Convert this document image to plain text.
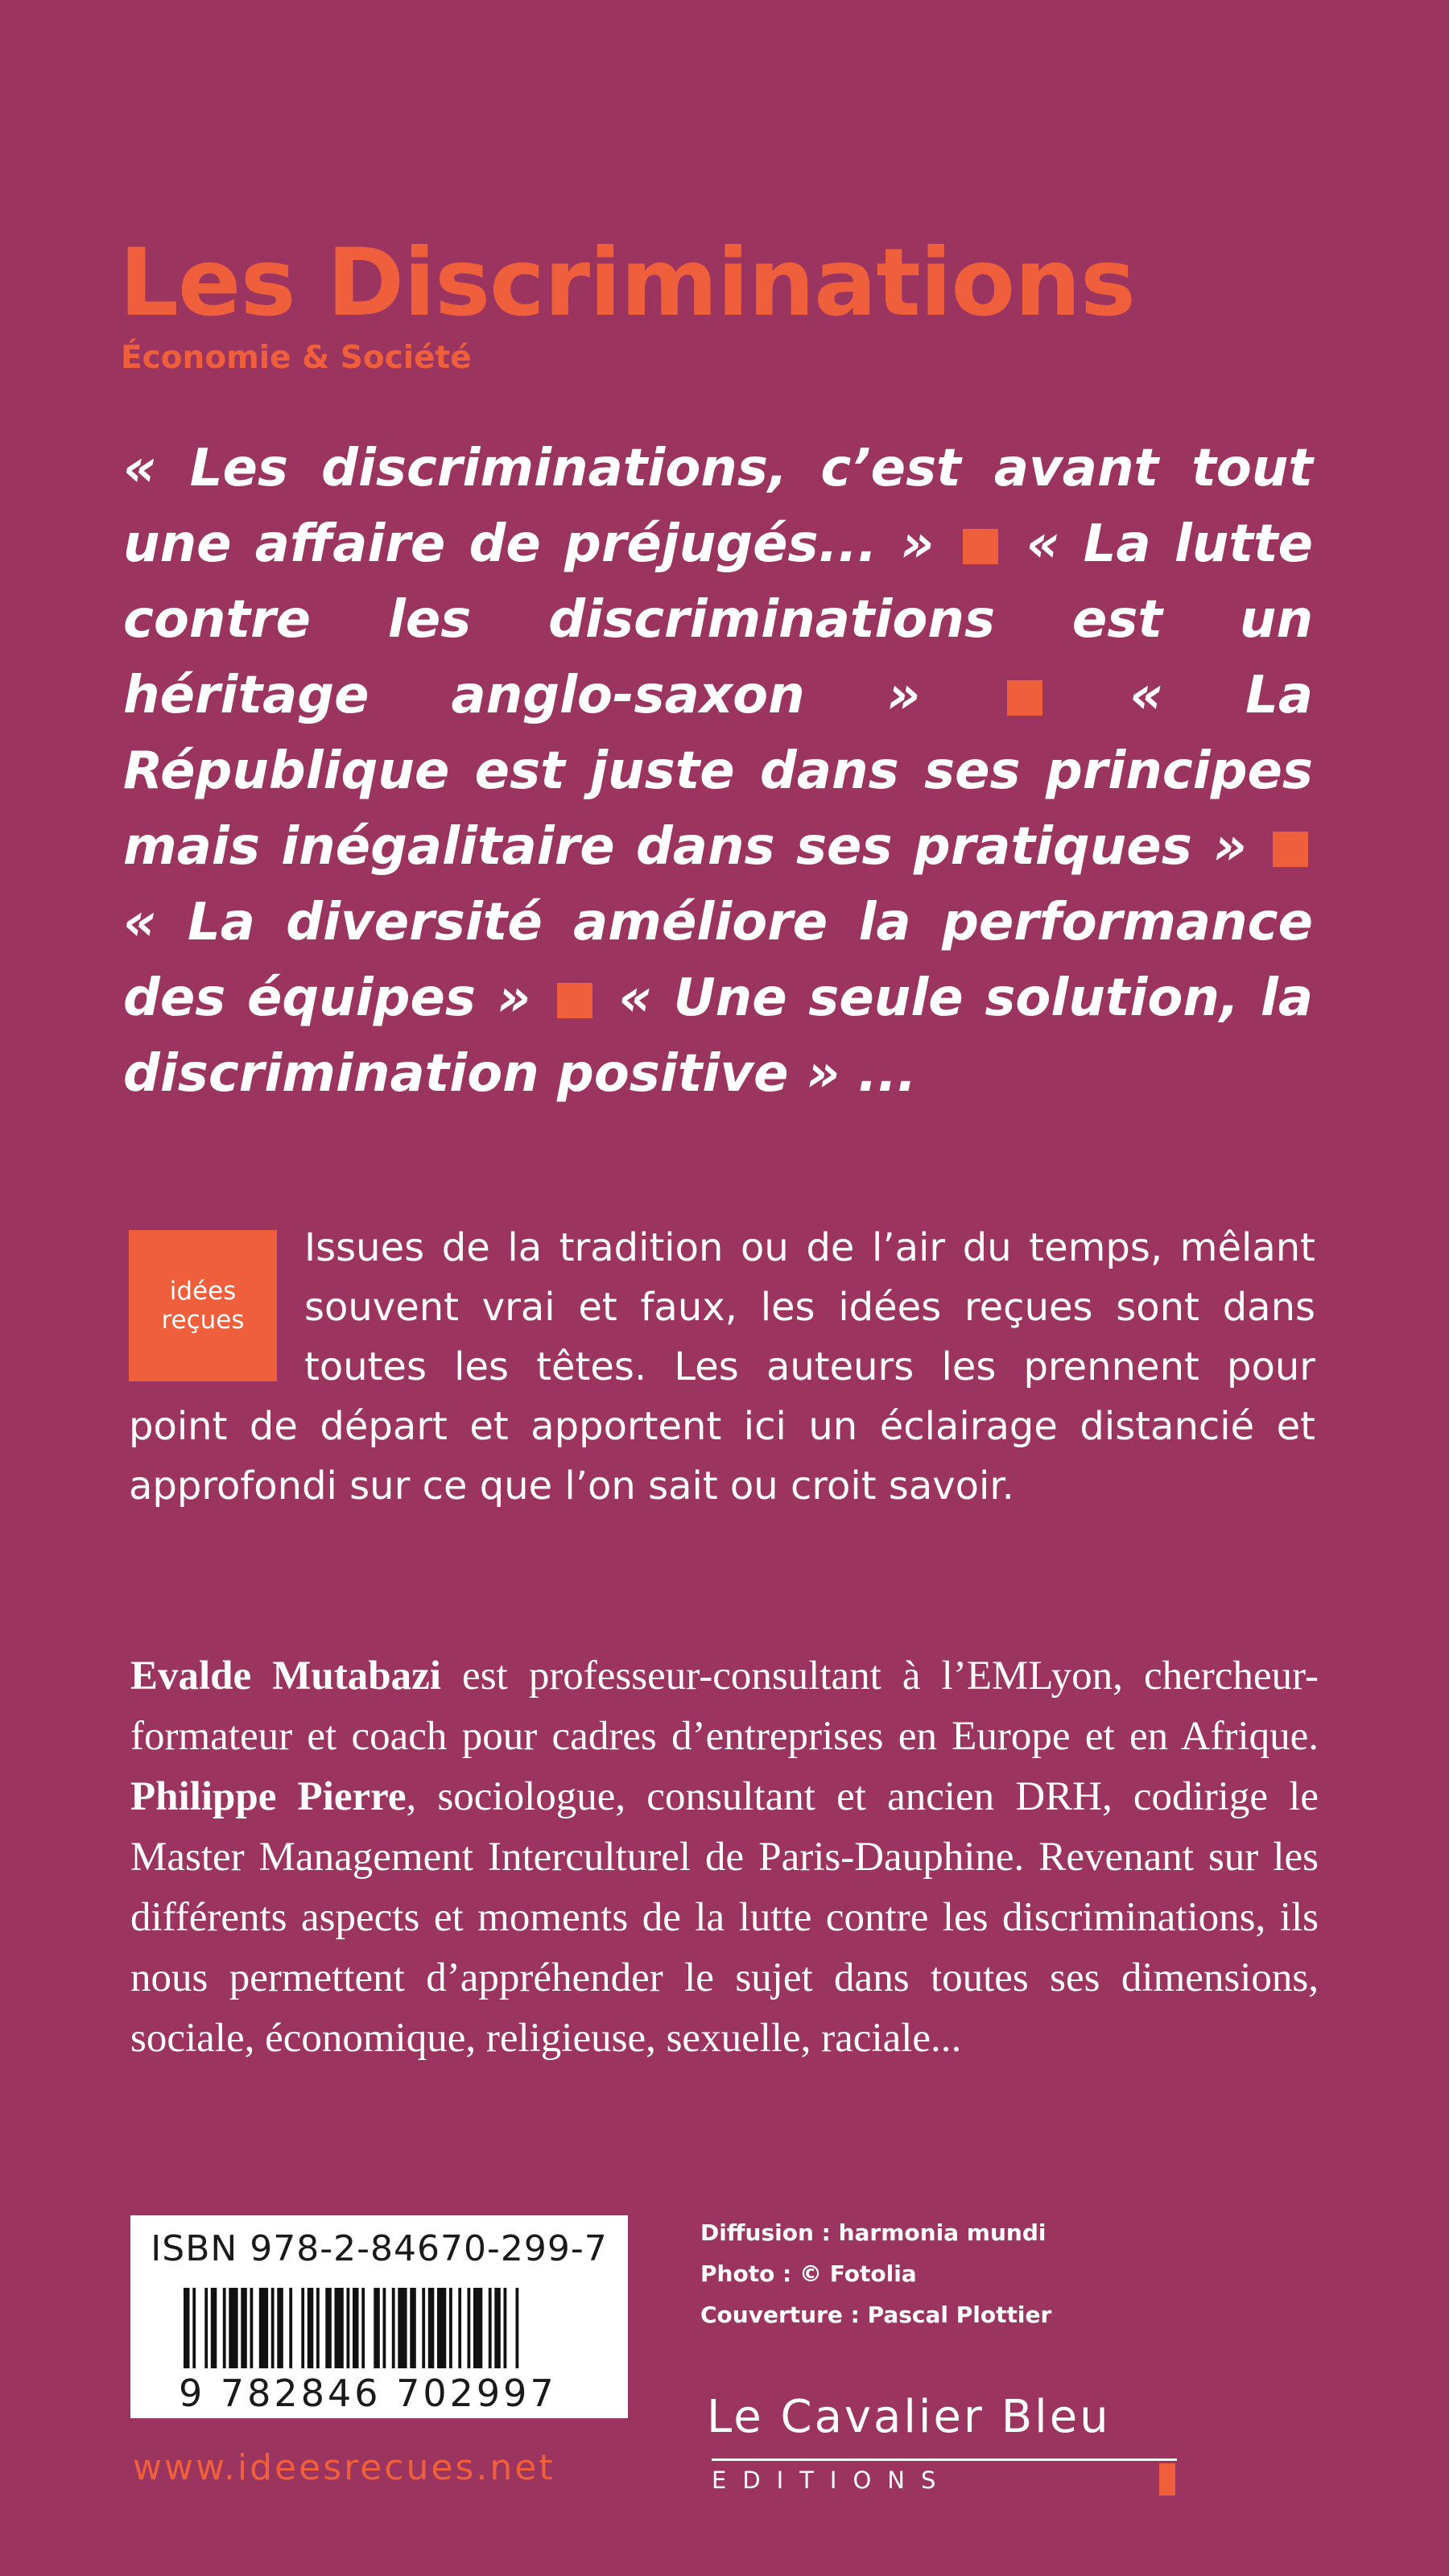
Les Discriminations
Économie & Société
« Les discriminations, c’est avant tout une affaire de préjugés... » « La lutte contre les discriminations est un héritage anglo-saxon »	« La République est juste dans ses principes mais inégalitaire dans ses pratiques »  « La diversité améliore la performance des équipes » « Une seule solution, la discrimination positive » ...
idées
reçues
Issues de la tradition ou de l’air du temps, mêlant souvent vrai et faux, les idées reçues sont dans toutes les têtes. Les auteurs les prennent pour point de départ et apportent ici un éclairage distancié et approfondi sur ce que l’on sait ou croit savoir.
Evalde Mutabazi est professeur-consultant à l’EMLyon, chercheur-formateur et coach pour cadres d’entreprises en Europe et en Afrique. Philippe Pierre, sociologue, consultant et ancien DRH, codirige le Master Management Interculturel de Paris-Dauphine. Revenant sur les différents aspects et moments de la lutte contre les discriminations, ils nous permettent d’appréhender le sujet dans toutes ses dimensions, sociale, économique, religieuse, sexuelle, raciale...
ISBN 978-2-84670-299-7
9 782846 702997
Diffusion : harmonia mundi
Photo : © Fotolia
Couverture : Pascal Plottier
Le Cavalier Bleu
EDITIONS
www.ideesrecues.net
